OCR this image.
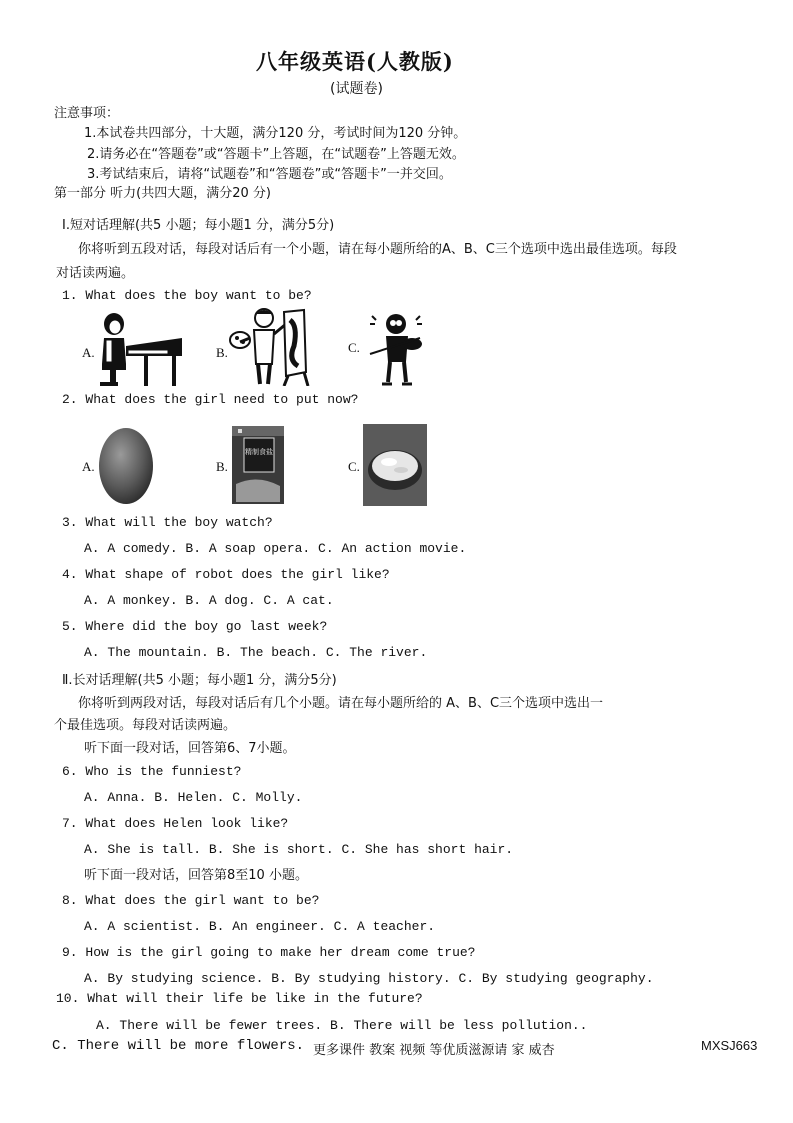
八年级英语(人教版)
(试题卷)
注意事项：
1.本试卷共四部分，十大题，满分120 分，考试时间为120 分钟。
2.请务必在“答题卷”或“答题卡”上答题，在“试题卷”上答题无效。
3.考试结束后，请将“试题卷”和“答题卷”或“答题卡”一并交回。
第一部分 听力(共四大题，满分20 分)
Ⅰ.短对话理解(共5 小题；每小题1 分，满分5分)
你将听到五段对话，每段对话后有一个小题，请在每小题所给的A、B、C三个选项中选出最佳选项。每段
对话读两遍。
1. What does the boy want to be?
A.	B.	C.
2. What does the girl need to put now?
A.	B.
精制食盐
C.
3. What will the boy watch?
A. A comedy. B. A soap opera. C. An action movie.
4. What shape of robot does the girl like?
A. A monkey. B. A dog. C. A cat.
5. Where did the boy go last week?
A. The mountain. B. The beach. C. The river.
Ⅱ.长对话理解(共5 小题；每小题1 分，满分5分)
你将听到两段对话，每段对话后有几个小题。请在每小题所给的 A、B、C三个选项中选出一
个最佳选项。每段对话读两遍。
听下面一段对话，回答第6、7小题。
6. Who is the funniest?
A. Anna. B. Helen. C. Molly.
7. What does Helen look like?
A. She is tall. B. She is short. C. She has short hair.
听下面一段对话，回答第8至10 小题。
8. What does the girl want to be?
A. A scientist. B. An engineer. C. A teacher.
9. How is the girl going to make her dream come true?
A. By studying science. B. By studying history. C. By studying geography.
10. What will their life be like in the future?
A. There will be fewer trees. B. There will be less pollution..
C. There will be more flowers. 更多课件 教案 视频 等优质滋源请 家 威杏	MXSJ663
